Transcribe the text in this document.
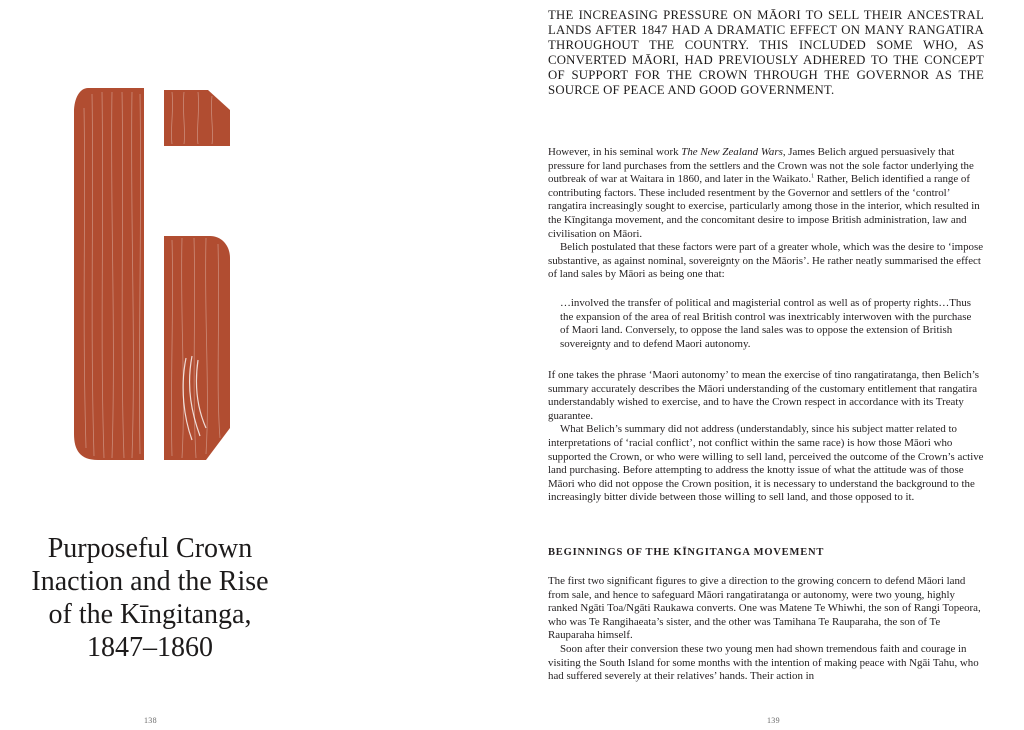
Purposeful Crown
Inaction and the Rise
of the Kīngitanga,
1847–1860
138

THE INCREASING PRESSURE ON MĀORI TO SELL THEIR ANCESTRAL LANDS AFTER 1847 HAD A DRAMATIC EFFECT ON MANY RANGATIRA THROUGHOUT THE COUNTRY. THIS INCLUDED SOME WHO, AS CONVERTED MĀORI, HAD PREVIOUSLY ADHERED TO THE CONCEPT OF SUPPORT FOR THE CROWN THROUGH THE GOVERNOR AS THE SOURCE OF PEACE AND GOOD GOVERNMENT.

However, in his seminal work The New Zealand Wars, James Belich argued persuasively that pressure for land purchases from the settlers and the Crown was not the sole factor underlying the outbreak of war at Waitara in 1860, and later in the Waikato.$^1$ Rather, Belich identified a range of contributing factors. These included resentment by the Governor and settlers of the ‘control’ rangatira increasingly sought to exercise, particularly among those in the interior, which resulted in the Kīngitanga movement, and the concomitant desire to impose British administration, law and civilisation on Māori.

Belich postulated that these factors were part of a greater whole, which was the desire to ‘impose substantive, as against nominal, sovereignty on the Māoris’. He rather neatly summarised the effect of land sales by Māori as being one that:

…involved the transfer of political and magisterial control as well as of property rights…Thus the expansion of the area of real British control was inextricably interwoven with the purchase of Maori land. Conversely, to oppose the land sales was to oppose the extension of British sovereignty and to defend Maori autonomy.

If one takes the phrase ‘Maori autonomy’ to mean the exercise of tino rangatiratanga, then Belich’s summary accurately describes the Māori understanding of the customary entitlement that rangatira understandably wished to exercise, and to have the Crown respect in accordance with its Treaty guarantee.

What Belich’s summary did not address (understandably, since his subject matter related to interpretations of ‘racial conflict’, not conflict within the same race) is how those Māori who supported the Crown, or who were willing to sell land, perceived the outcome of the Crown’s active land purchasing. Before attempting to address the knotty issue of what the attitude was of those Māori who did not oppose the Crown position, it is necessary to understand the background to the increasingly bitter divide between those willing to sell land, and those opposed to it.

BEGINNINGS OF THE KĪNGITANGA MOVEMENT

The first two significant figures to give a direction to the growing concern to defend Māori land from sale, and hence to safeguard Māori rangatiratanga or autonomy, were two young, highly ranked Ngāti Toa/Ngāti Raukawa converts. One was Matene Te Whiwhi, the son of Rangi Topeora, who was Te Rangihaeata’s sister, and the other was Tamihana Te Rauparaha, the son of Te Rauparaha himself.

Soon after their conversion these two young men had shown tremendous faith and courage in visiting the South Island for some months with the intention of making peace with Ngāi Tahu, who had suffered severely at their relatives’ hands. Their action in

139
